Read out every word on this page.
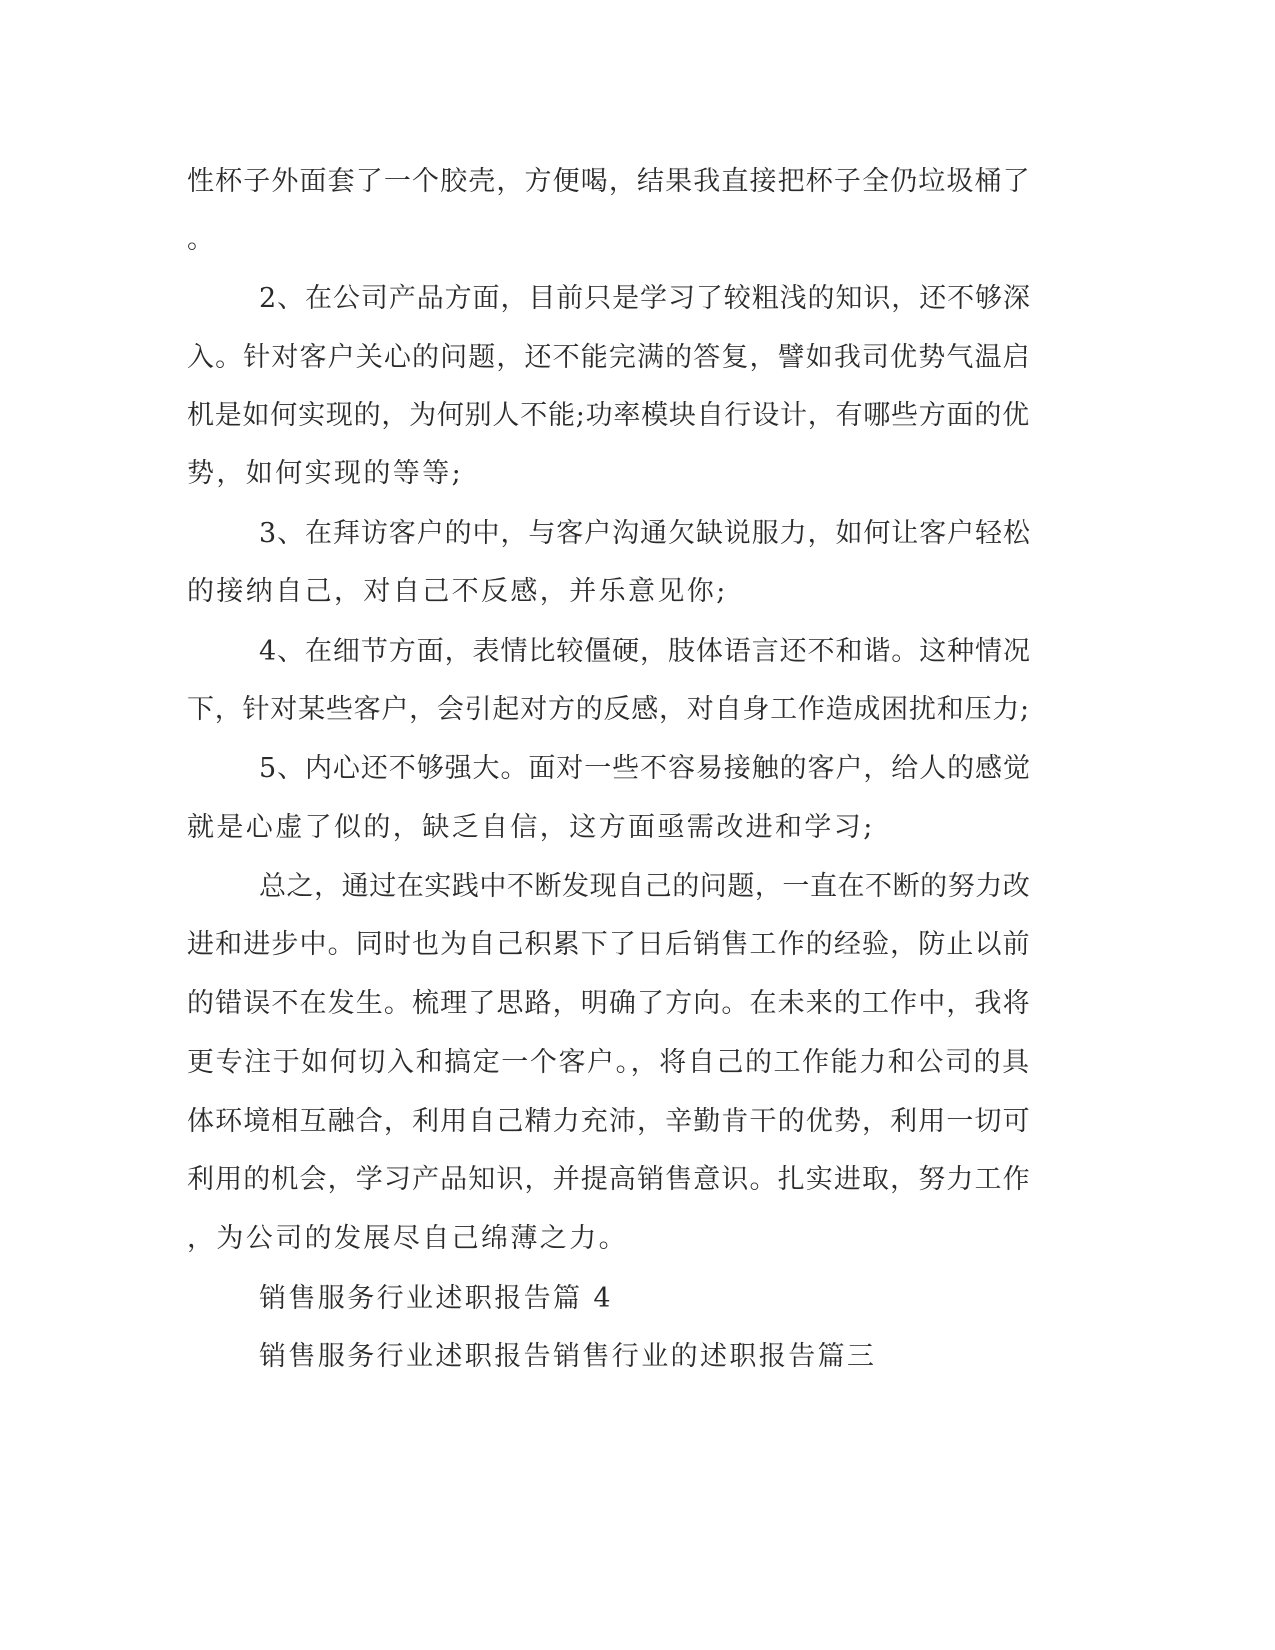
性杯子外面套了一个胶壳，方便喝，结果我直接把杯子全仍垃圾桶了
。
2、在公司产品方面，目前只是学习了较粗浅的知识，还不够深
入。针对客户关心的问题，还不能完满的答复，譬如我司优势气温启
机是如何实现的，为何别人不能;功率模块自行设计，有哪些方面的优
势，如何实现的等等;
3、在拜访客户的中，与客户沟通欠缺说服力，如何让客户轻松
的接纳自己，对自己不反感，并乐意见你;
4、在细节方面，表情比较僵硬，肢体语言还不和谐。这种情况
下，针对某些客户，会引起对方的反感，对自身工作造成困扰和压力;
5、内心还不够强大。面对一些不容易接触的客户，给人的感觉
就是心虚了似的，缺乏自信，这方面亟需改进和学习;
总之，通过在实践中不断发现自己的问题，一直在不断的努力改
进和进步中。同时也为自己积累下了日后销售工作的经验，防止以前
的错误不在发生。梳理了思路，明确了方向。在未来的工作中，我将
更专注于如何切入和搞定一个客户。，将自己的工作能力和公司的具
体环境相互融合，利用自己精力充沛，辛勤肯干的优势，利用一切可
利用的机会，学习产品知识，并提高销售意识。扎实进取，努力工作
，为公司的发展尽自己绵薄之力。
销售服务行业述职报告篇 4
销售服务行业述职报告销售行业的述职报告篇三
